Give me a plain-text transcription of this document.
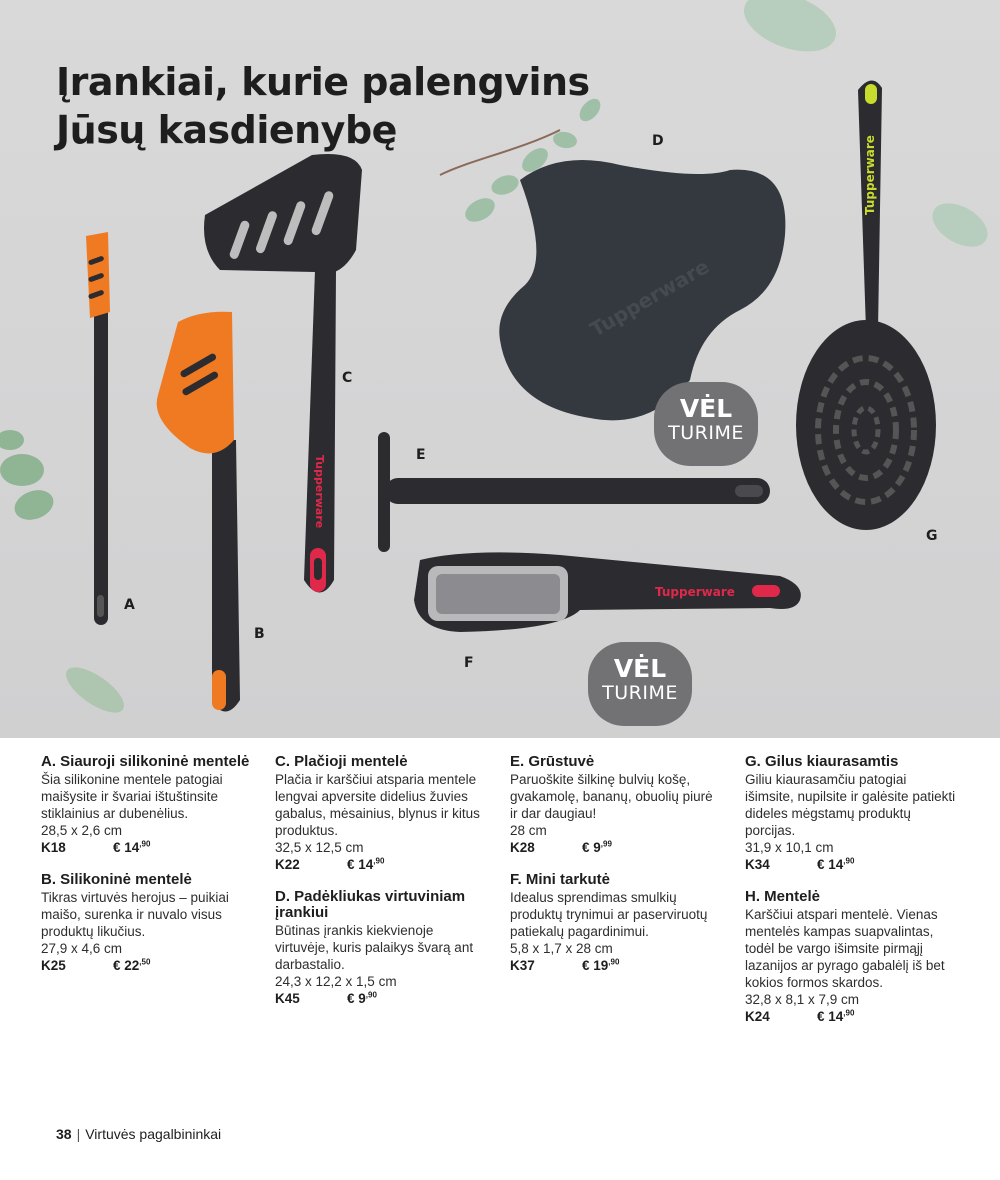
Tupperware
Tupperware
Tupperware
Tupperware
Įrankiai, kurie palengvins
Jūsų kasdienybę
A
B
C
D
E
F
G
VĖL
TURIME
VĖL
TURIME
A. Siauroji silikoninė mentelė

Šia silikonine mentele patogiai maišysite ir švariai ištuštinsite stiklainius ar dubenėlius.

28,5 x 2,6 cm

K18	€ $14^{,90}$
B. Silikoninė mentelė

Tikras virtuvės herojus – puikiai maišo, surenka ir nuvalo visus produktų likučius.

27,9 x 4,6 cm

K25	€ $22^{,50}$
C. Plačioji mentelė

Plačia ir karščiui atsparia mentele lengvai apversite didelius žuvies gabalus, mėsainius, blynus ir kitus produktus.

32,5 x 12,5 cm

K22	€ $14^{,90}$
D. Padėkliukas virtuviniam įrankiui

Būtinas įrankis kiekvienoje virtuvėje, kuris palaikys švarą ant darbastalio.

24,3 x 12,2 x 1,5 cm

K45	€ $9^{,90}$
E. Grūstuvė

Paruoškite šilkinę bulvių košę, gvakamolę, bananų, obuolių piurė ir dar daugiau!

28 cm

K28	€ $9^{,99}$
F. Mini tarkutė

Idealus sprendimas smulkių produktų trynimui ar paserviruotų patiekalų pagardinimui.

5,8 x 1,7 x 28 cm

K37	€ $19^{,90}$
G. Gilus kiaurasamtis

Giliu kiaurasamčiu patogiai išimsite, nupilsite ir galėsite patiekti dideles mėgstamų produktų porcijas.

31,9 x 10,1 cm

K34	€ $14^{,90}$
H. Mentelė

Karščiui atspari mentelė. Vienas mentelės kampas suapvalintas, todėl be vargo išimsite pirmąjį lazanijos ar pyrago gabalėlį iš bet kokios formos skardos.

32,8 x 8,1 x 7,9 cm

K24	€ $14^{,90}$
38 | Virtuvės pagalbininkai
